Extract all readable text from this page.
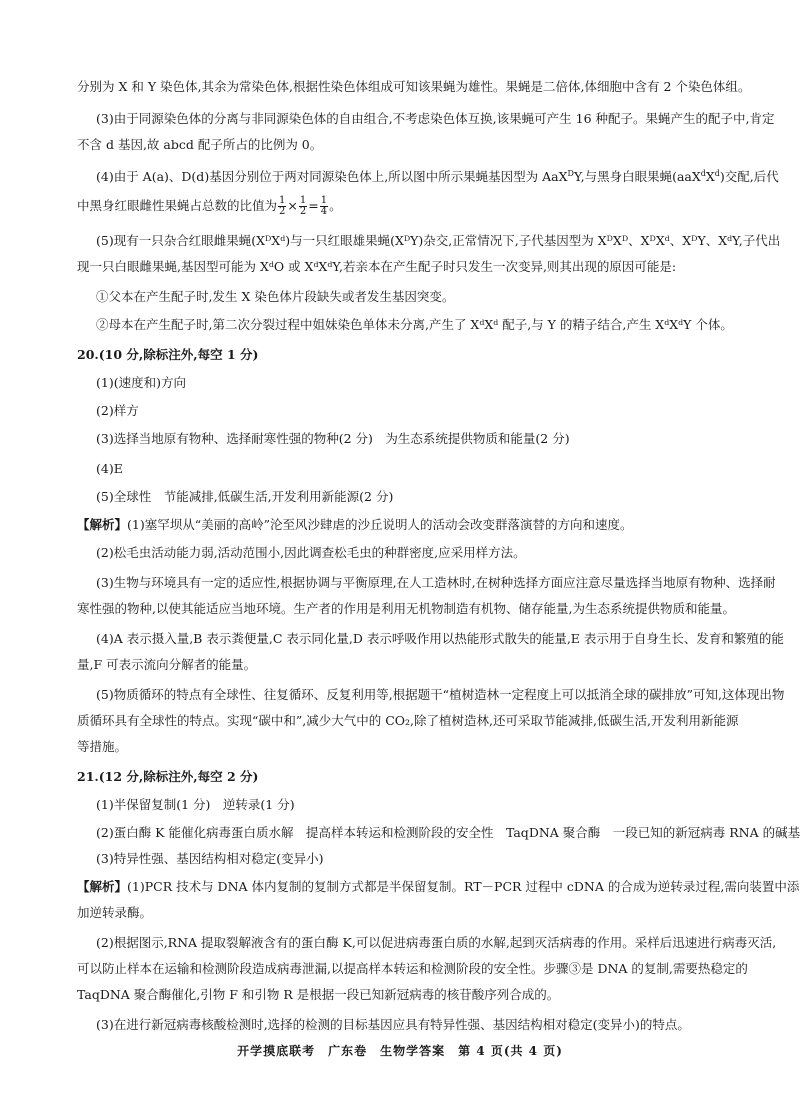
分别为 X 和 Y 染色体,其余为常染色体,根据性染色体组成可知该果蝇为雄性。果蝇是二倍体,体细胞中含有 2 个染色体组。
(3)由于同源染色体的分离与非同源染色体的自由组合,不考虑染色体互换,该果蝇可产生 16 种配子。果蝇产生的配子中,肯定
不含 d 基因,故 abcd 配子所占的比例为 0。
(4)由于 A(a)、D(d)基因分别位于两对同源染色体上,所以图中所示果蝇基因型为 AaX$^D$Y,与黑身白眼果蝇$(aaX^dX^d)$交配,后代
中黑身红眼雌性果蝇占总数的比值为 $\frac{1}{2} \times \frac{1}{2} = \frac{1}{4}$ 。
(5)现有一只杂合红眼雌果蝇(XᴰXᵈ)与一只红眼雄果蝇(XᴰY)杂交,正常情况下,子代基因型为 XᴰXᴰ、XᴰXᵈ、XᴰY、XᵈY,子代出
现一只白眼雌果蝇,基因型可能为 XᵈO 或 XᵈXᵈY,若亲本在产生配子时只发生一次变异,则其出现的原因可能是:
①父本在产生配子时,发生 X 染色体片段缺失或者发生基因突变。
②母本在产生配子时,第二次分裂过程中姐妹染色单体未分离,产生了 XᵈXᵈ 配子,与 Y 的精子结合,产生 XᵈXᵈY 个体。
20.(10 分,除标注外,每空 1 分)
(1)(速度和)方向
(2)样方
(3)选择当地原有物种、选择耐寒性强的物种(2 分)　为生态系统提供物质和能量(2 分)
(4)E
(5)全球性　节能减排,低碳生活,开发利用新能源(2 分)
【解析】(1)塞罕坝从“美丽的高岭”沦至风沙肆虐的沙丘说明人的活动会改变群落演替的方向和速度。
(2)松毛虫活动能力弱,活动范围小,因此调查松毛虫的种群密度,应采用样方法。
(3)生物与环境具有一定的适应性,根据协调与平衡原理,在人工造林时,在树种选择方面应注意尽量选择当地原有物种、选择耐
寒性强的物种,以使其能适应当地环境。生产者的作用是利用无机物制造有机物、储存能量,为生态系统提供物质和能量。
(4)A 表示摄入量,B 表示粪便量,C 表示同化量,D 表示呼吸作用以热能形式散失的能量,E 表示用于自身生长、发育和繁殖的能
量,F 可表示流向分解者的能量。
(5)物质循环的特点有全球性、往复循环、反复利用等,根据题干“植树造林一定程度上可以抵消全球的碳排放”可知,这体现出物
质循环具有全球性的特点。实现“碳中和”,减少大气中的 CO₂,除了植树造林,还可采取节能减排,低碳生活,开发利用新能源
等措施。
21.(12 分,除标注外,每空 2 分)
(1)半保留复制(1 分)　逆转录(1 分)
(2)蛋白酶 K 能催化病毒蛋白质水解　提高样本转运和检测阶段的安全性　TaqDNA 聚合酶　一段已知的新冠病毒 RNA 的碱基
(3)特异性强、基因结构相对稳定(变异小)
【解析】(1)PCR 技术与 DNA 体内复制的复制方式都是半保留复制。RT－PCR 过程中 cDNA 的合成为逆转录过程,需向装置中添
加逆转录酶。
(2)根据图示,RNA 提取裂解液含有的蛋白酶 K,可以促进病毒蛋白质的水解,起到灭活病毒的作用。采样后迅速进行病毒灭活,
可以防止样本在运输和检测阶段造成病毒泄漏,以提高样本转运和检测阶段的安全性。步骤③是 DNA 的复制,需要热稳定的
TaqDNA 聚合酶催化,引物 F 和引物 R 是根据一段已知新冠病毒的核苷酸序列合成的。
(3)在进行新冠病毒核酸检测时,选择的检测的目标基因应具有特异性强、基因结构相对稳定(变异小)的特点。
开学摸底联考　广东卷　生物学答案　第 4 页(共 4 页)
